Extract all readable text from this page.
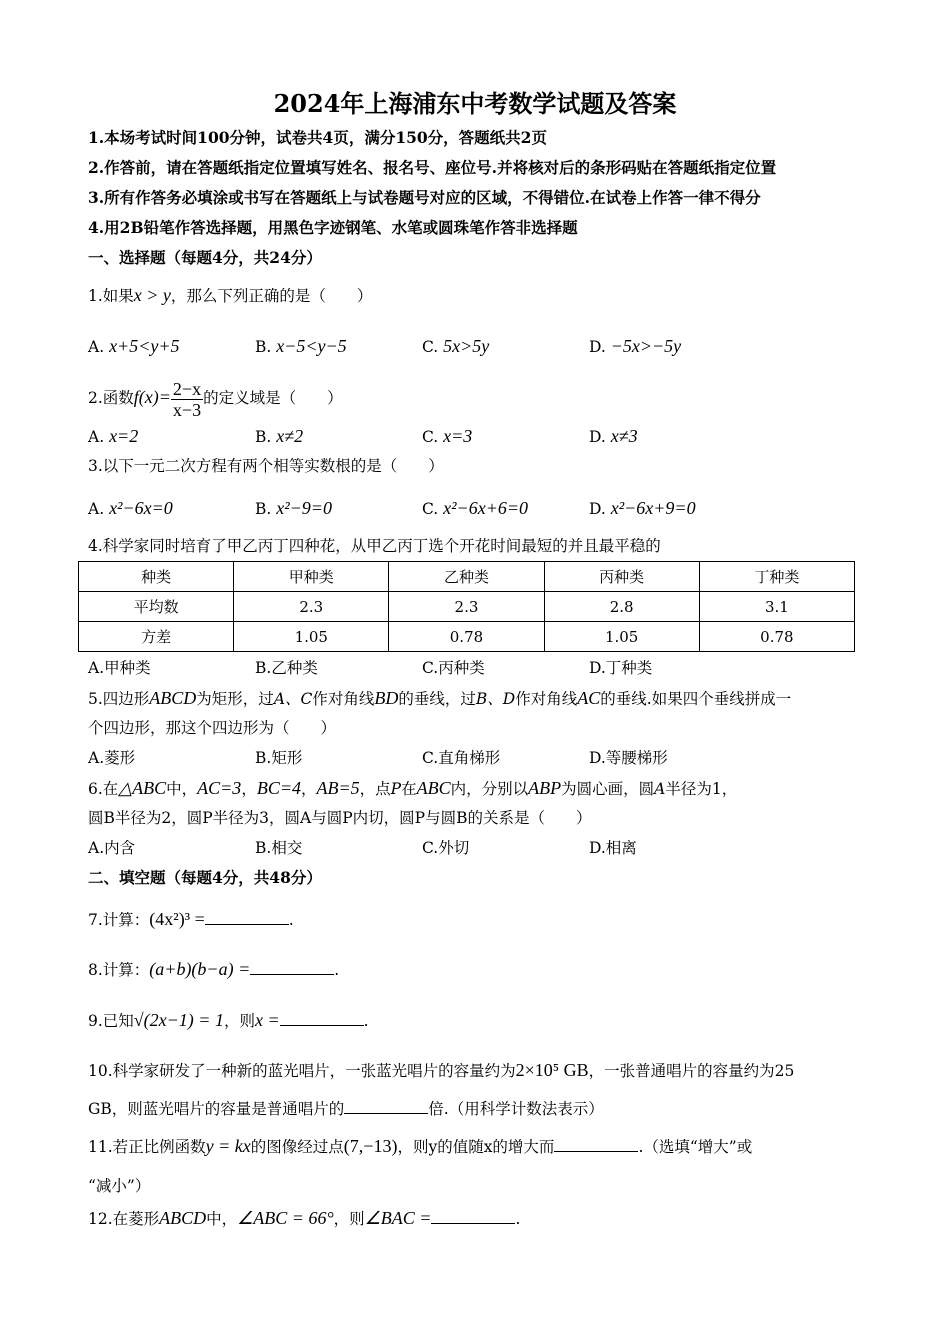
2024年上海浦东中考数学试题及答案
1.本场考试时间100分钟，试卷共4页，满分150分，答题纸共2页
2.作答前，请在答题纸指定位置填写姓名、报名号、座位号.并将核对后的条形码贴在答题纸指定位置
3.所有作答务必填涂或书写在答题纸上与试卷题号对应的区域，不得错位.在试卷上作答一律不得分
4.用2B铅笔作答选择题，用黑色字迹钢笔、水笔或圆珠笔作答非选择题
一、选择题（每题4分，共24分）
1.如果x > y，那么下列正确的是（　　）
A. x+5<y+5	B. x−5<y−5	C. 5x>5y	D. −5x>−5y
2.函数$f(x)= \frac{2-x}{x-3}$ 的定义域是（　　）
A. x=2	B. x≠2	C. x=3	D. x≠3
3.以下一元二次方程有两个相等实数根的是（　　）
A. x²−6x=0	B. x²−9=0	C. x²−6x+6=0	D. x²−6x+9=0
4.科学家同时培育了甲乙丙丁四种花，从甲乙丙丁选个开花时间最短的并且最平稳的
种类	甲种类	乙种类	丙种类	丁种类
平均数	2.3	2.3	2.8	3.1
方差	1.05	0.78	1.05	0.78
A.甲种类	B.乙种类	C.丙种类	D.丁种类
5.四边形ABCD为矩形，过A、C作对角线BD的垂线，过B、D作对角线AC的垂线.如果四个垂线拼成一
个四边形，那这个四边形为（　　）
A.菱形	B.矩形	C.直角梯形	D.等腰梯形
6.在△ABC中，AC=3，BC=4，AB=5，点P在ABC内，分别以ABP为圆心画，圆A半径为1，
圆B半径为2，圆P半径为3，圆A与圆P内切，圆P与圆B的关系是（　　）
A.内含	B.相交	C.外切	D.相离
二、填空题（每题4分，共48分）
7.计算：(4x²)³ =	.
8.计算：(a+b)(b−a) =	.
9.已知√(2x−1) = 1，则x =	.
10.科学家研发了一种新的蓝光唱片，一张蓝光唱片的容量约为2×10⁵ GB，一张普通唱片的容量约为25
GB，则蓝光唱片的容量是普通唱片的	倍.（用科学计数法表示）
11.若正比例函数y = kx的图像经过点(7,−13)，则y的值随x的增大而	.（选填“增大”或
“减小”）
12.在菱形ABCD中，∠ABC = 66°，则∠BAC =	.
